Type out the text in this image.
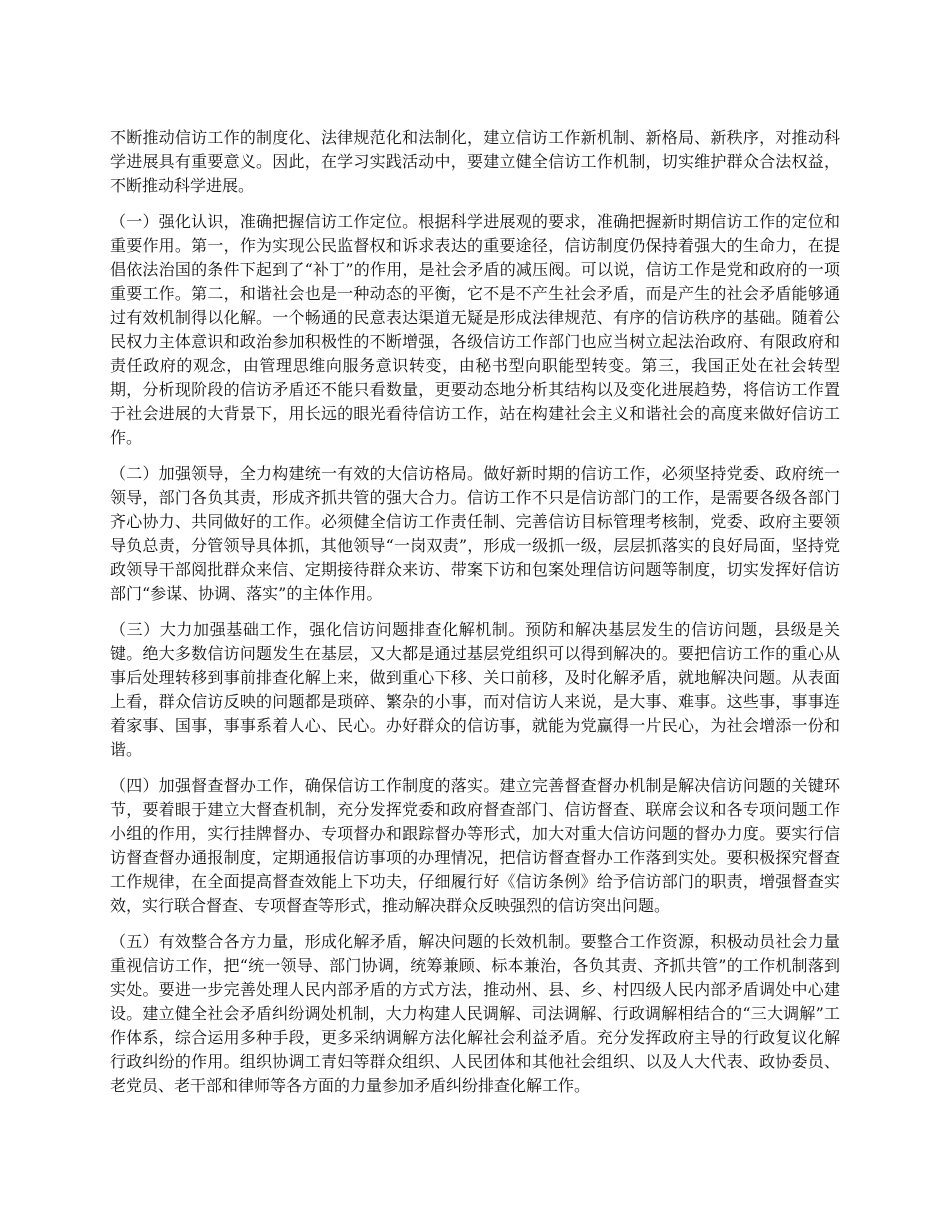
不断推动信访工作的制度化、法律规范化和法制化，建立信访工作新机制、新格局、新秩序，对推动科学进展具有重要意义。因此，在学习实践活动中，要建立健全信访工作机制，切实维护群众合法权益，不断推动科学进展。

（一）强化认识，准确把握信访工作定位。根据科学进展观的要求，准确把握新时期信访工作的定位和重要作用。第一，作为实现公民监督权和诉求表达的重要途径，信访制度仍保持着强大的生命力，在提倡依法治国的条件下起到了“补丁”的作用，是社会矛盾的减压阀。可以说，信访工作是党和政府的一项重要工作。第二，和谐社会也是一种动态的平衡，它不是不产生社会矛盾，而是产生的社会矛盾能够通过有效机制得以化解。一个畅通的民意表达渠道无疑是形成法律规范、有序的信访秩序的基础。随着公民权力主体意识和政治参加积极性的不断增强，各级信访工作部门也应当树立起法治政府、有限政府和责任政府的观念，由管理思维向服务意识转变，由秘书型向职能型转变。第三，我国正处在社会转型期，分析现阶段的信访矛盾还不能只看数量，更要动态地分析其结构以及变化进展趋势，将信访工作置于社会进展的大背景下，用长远的眼光看待信访工作，站在构建社会主义和谐社会的高度来做好信访工作。

（二）加强领导，全力构建统一有效的大信访格局。做好新时期的信访工作，必须坚持党委、政府统一领导，部门各负其责，形成齐抓共管的强大合力。信访工作不只是信访部门的工作，是需要各级各部门齐心协力、共同做好的工作。必须健全信访工作责任制、完善信访目标管理考核制，党委、政府主要领导负总责，分管领导具体抓，其他领导“一岗双责”，形成一级抓一级，层层抓落实的良好局面，坚持党政领导干部阅批群众来信、定期接待群众来访、带案下访和包案处理信访问题等制度，切实发挥好信访部门“参谋、协调、落实”的主体作用。

（三）大力加强基础工作，强化信访问题排查化解机制。预防和解决基层发生的信访问题，县级是关键。绝大多数信访问题发生在基层，又大都是通过基层党组织可以得到解决的。要把信访工作的重心从事后处理转移到事前排查化解上来，做到重心下移、关口前移，及时化解矛盾，就地解决问题。从表面上看，群众信访反映的问题都是琐碎、繁杂的小事，而对信访人来说，是大事、难事。这些事，事事连着家事、国事，事事系着人心、民心。办好群众的信访事，就能为党赢得一片民心，为社会增添一份和谐。

（四）加强督查督办工作，确保信访工作制度的落实。建立完善督查督办机制是解决信访问题的关键环节，要着眼于建立大督查机制，充分发挥党委和政府督查部门、信访督查、联席会议和各专项问题工作小组的作用，实行挂牌督办、专项督办和跟踪督办等形式，加大对重大信访问题的督办力度。要实行信访督查督办通报制度，定期通报信访事项的办理情况，把信访督查督办工作落到实处。要积极探究督查工作规律，在全面提高督查效能上下功夫，仔细履行好《信访条例》给予信访部门的职责，增强督查实效，实行联合督查、专项督查等形式，推动解决群众反映强烈的信访突出问题。

（五）有效整合各方力量，形成化解矛盾，解决问题的长效机制。要整合工作资源，积极动员社会力量重视信访工作，把“统一领导、部门协调，统筹兼顾、标本兼治，各负其责、齐抓共管”的工作机制落到实处。要进一步完善处理人民内部矛盾的方式方法，推动州、县、乡、村四级人民内部矛盾调处中心建设。建立健全社会矛盾纠纷调处机制，大力构建人民调解、司法调解、行政调解相结合的“三大调解”工作体系，综合运用多种手段，更多采纳调解方法化解社会利益矛盾。充分发挥政府主导的行政复议化解行政纠纷的作用。组织协调工青妇等群众组织、人民团体和其他社会组织、以及人大代表、政协委员、老党员、老干部和律师等各方面的力量参加矛盾纠纷排查化解工作。
